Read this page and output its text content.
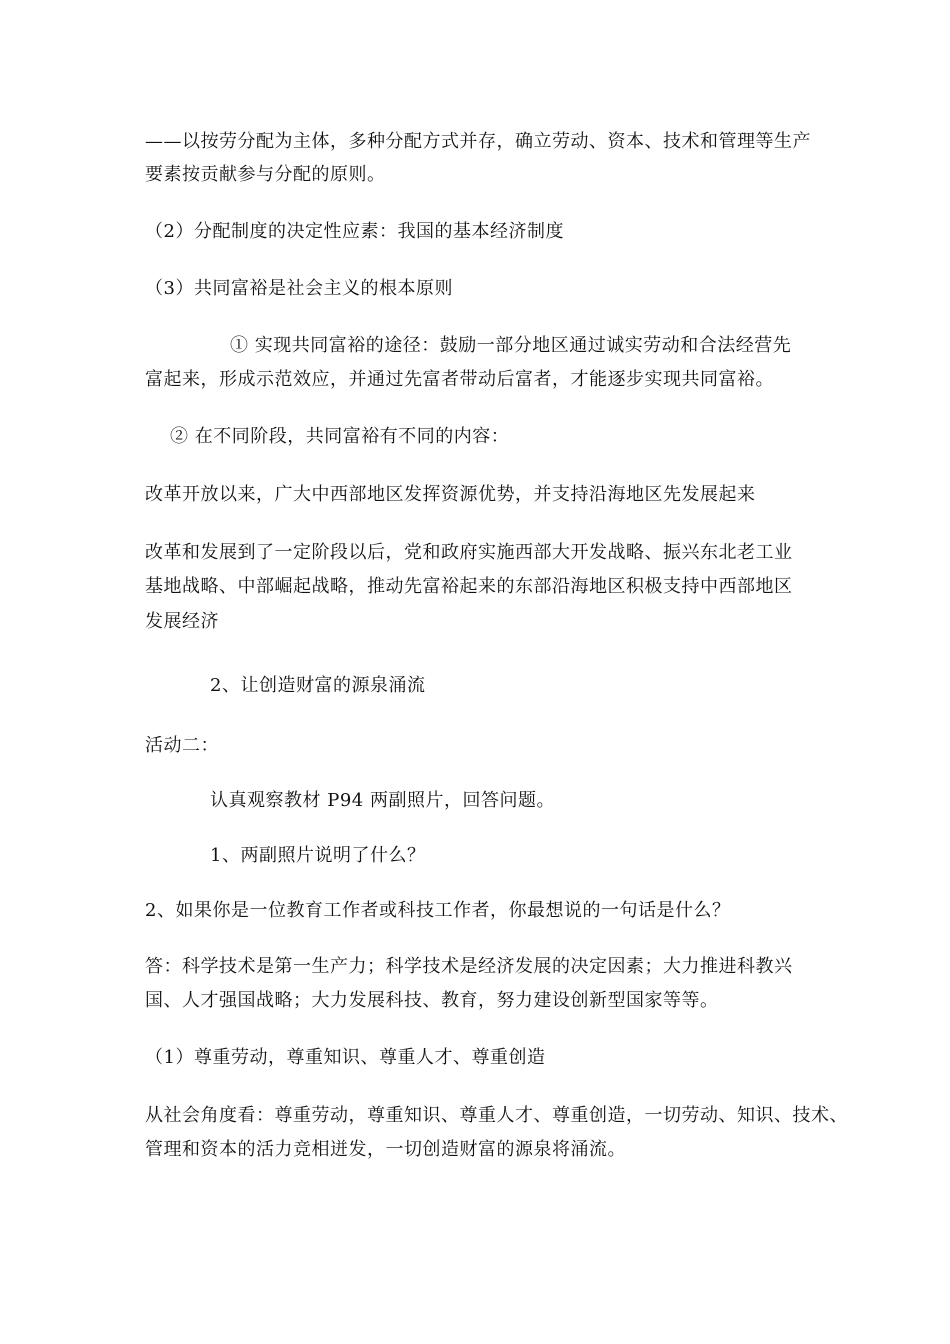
——以按劳分配为主体，多种分配方式并存，确立劳动、资本、技术和管理等生产
要素按贡献参与分配的原则。
（2）分配制度的决定性应素：我国的基本经济制度
（3）共同富裕是社会主义的根本原则
① 实现共同富裕的途径：鼓励一部分地区通过诚实劳动和合法经营先
富起来，形成示范效应，并通过先富者带动后富者，才能逐步实现共同富裕。
② 在不同阶段，共同富裕有不同的内容：
改革开放以来，广大中西部地区发挥资源优势，并支持沿海地区先发展起来
改革和发展到了一定阶段以后，党和政府实施西部大开发战略、振兴东北老工业
基地战略、中部崛起战略，推动先富裕起来的东部沿海地区积极支持中西部地区
发展经济
2、让创造财富的源泉涌流
活动二：
认真观察教材 P94 两副照片，回答问题。
1、两副照片说明了什么？
2、如果你是一位教育工作者或科技工作者，你最想说的一句话是什么？
答：科学技术是第一生产力；科学技术是经济发展的决定因素；大力推进科教兴
国、人才强国战略；大力发展科技、教育，努力建设创新型国家等等。
（1）尊重劳动，尊重知识、尊重人才、尊重创造
从社会角度看：尊重劳动，尊重知识、尊重人才、尊重创造，一切劳动、知识、技术、
管理和资本的活力竞相迸发，一切创造财富的源泉将涌流。
